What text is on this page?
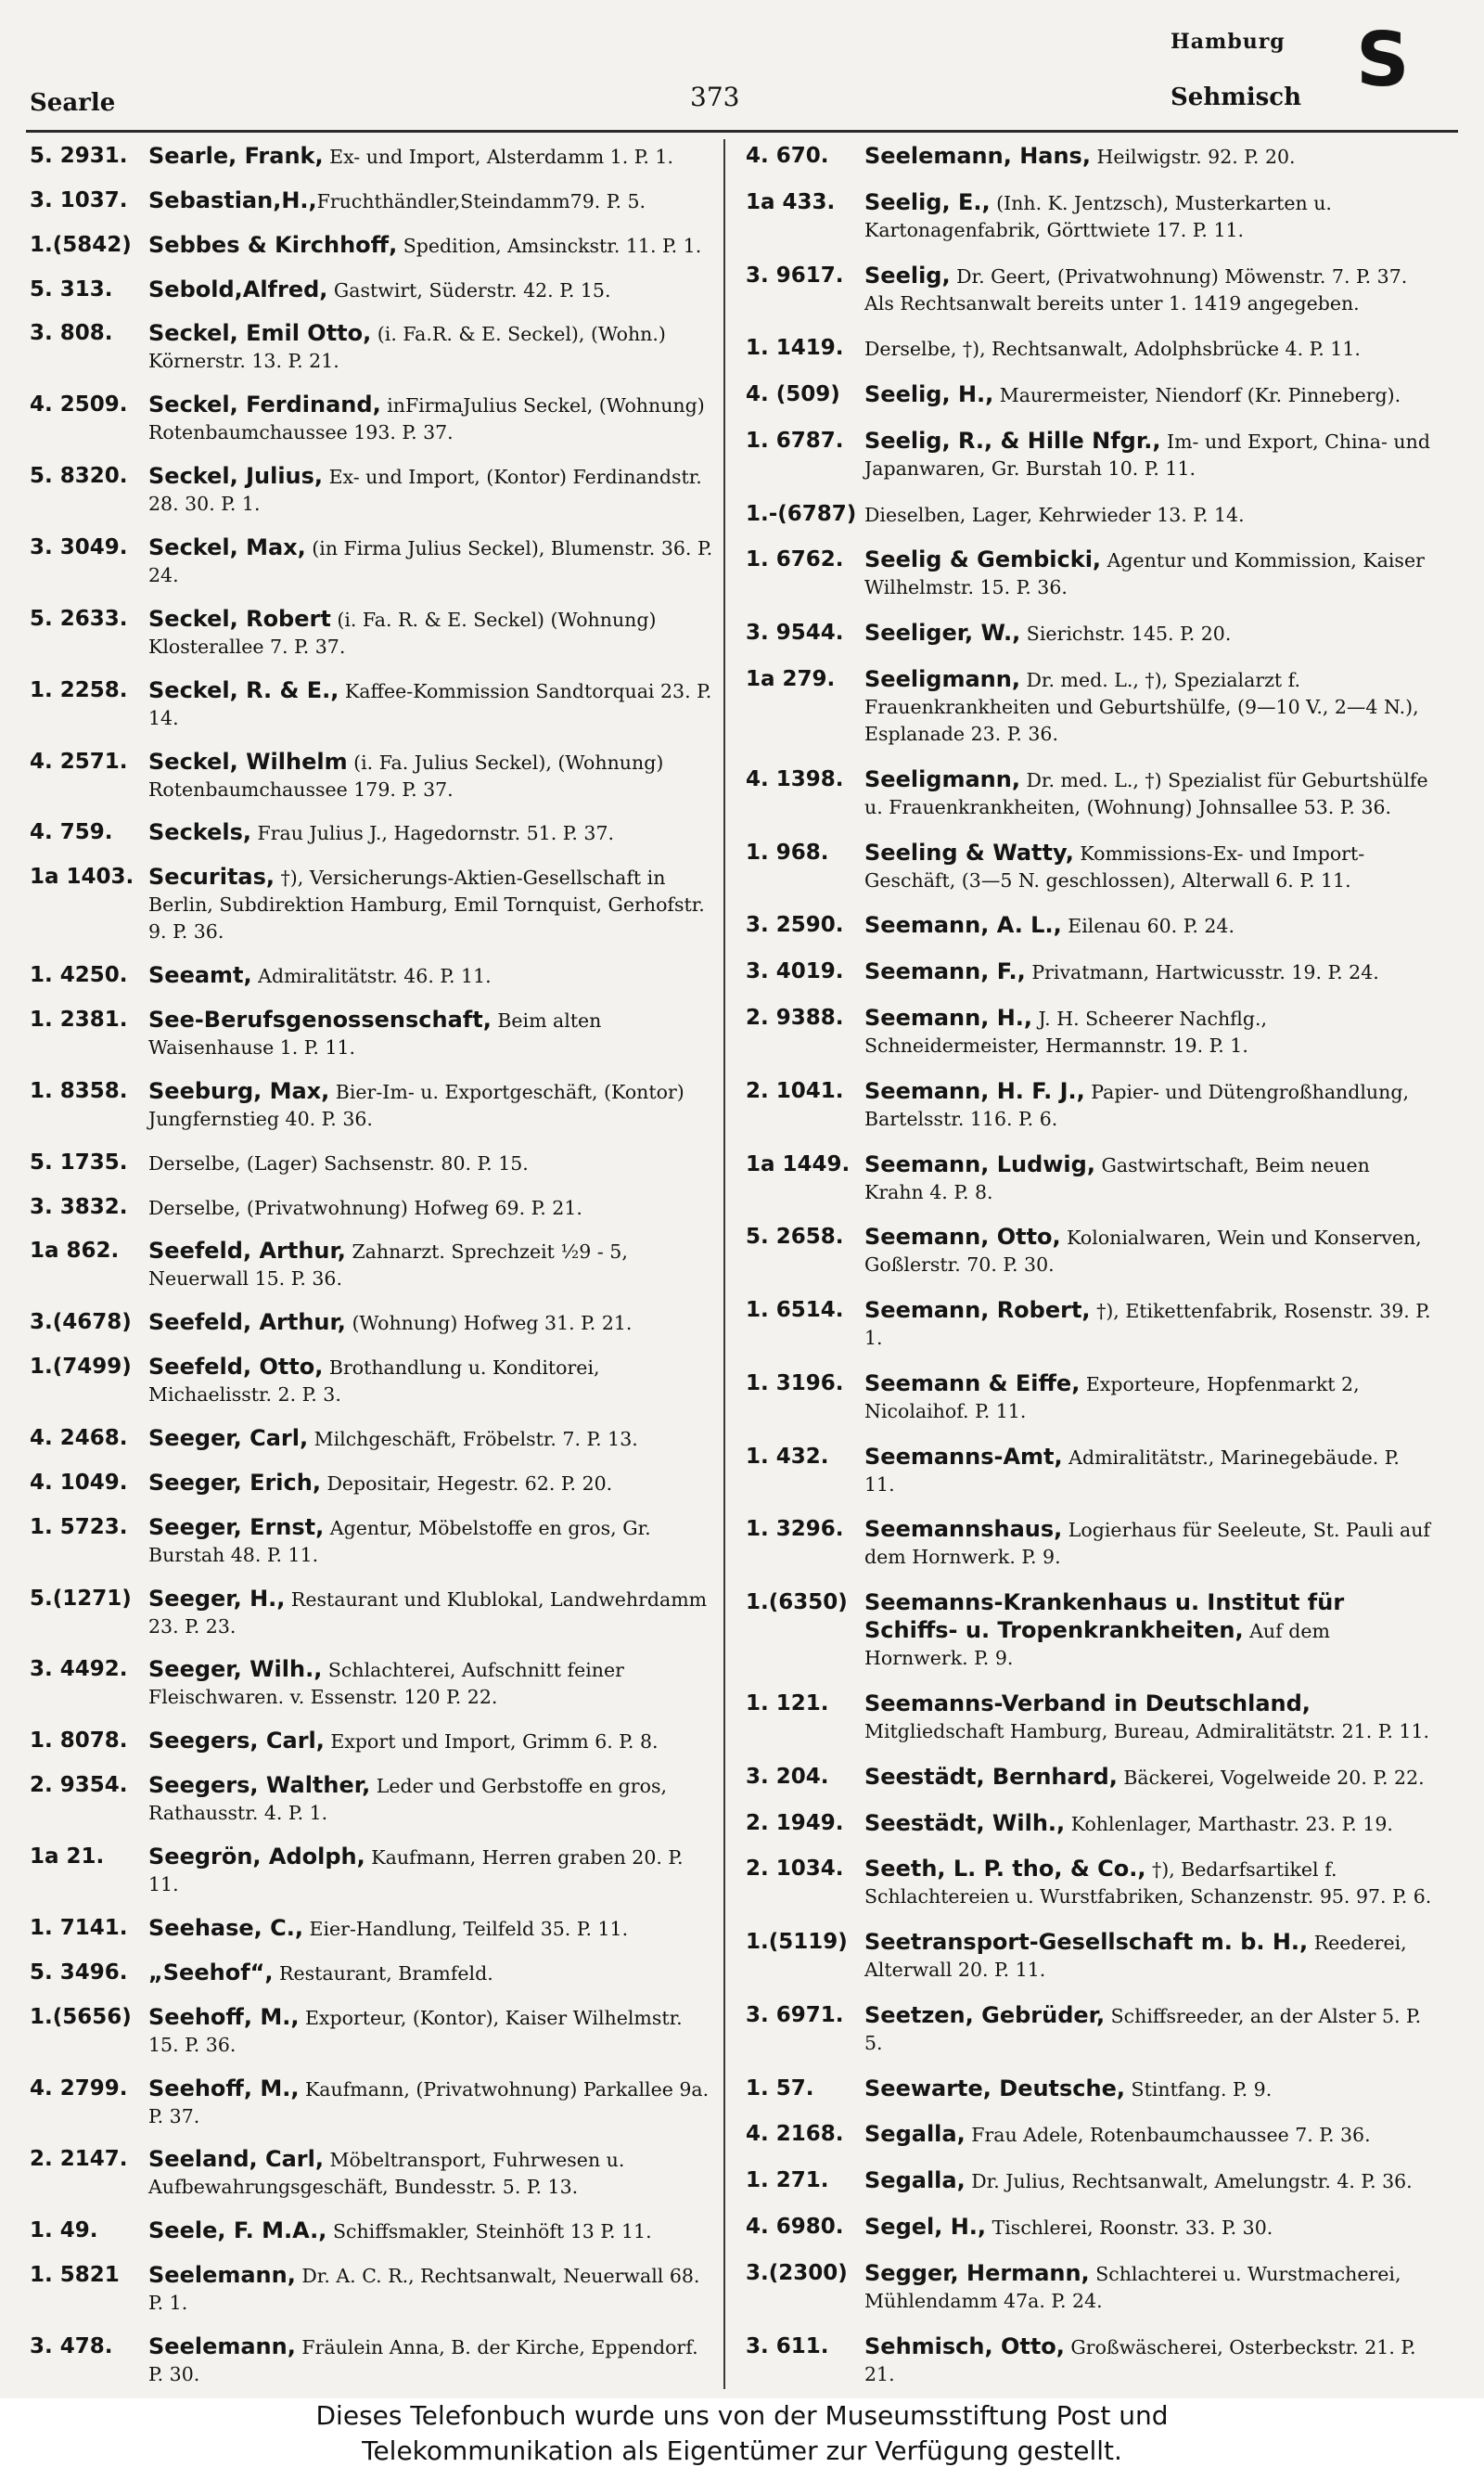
Searle	373
Hamburg
Sehmisch S
5. 2931. Searle, Frank, Ex- und Import, Alsterdamm 1. P. 1.
3. 1037. Sebastian,H.,Fruchthändler,Steindamm79. P. 5.
1.(5842) Sebbes & Kirchhoff, Spedition, Amsinckstr. 11. P. 1.
5. 313.	Sebold,Alfred, Gastwirt, Süderstr. 42. P. 15.
3. 808.	Seckel, Emil Otto, (i. Fa.R. & E. Seckel), (Wohn.) Körnerstr. 13. P. 21.
4. 2509. Seckel, Ferdinand, inFirmaJulius Seckel, (Wohnung) Rotenbaumchaussee 193. P. 37.
5. 8320. Seckel, Julius, Ex- und Import, (Kontor) Ferdinandstr. 28. 30. P. 1.
3. 3049. Seckel, Max, (in Firma Julius Seckel), Blumenstr. 36. P. 24.
5. 2633. Seckel, Robert (i. Fa. R. & E. Seckel) (Wohnung) Klosterallee 7. P. 37.
1. 2258. Seckel, R. & E., Kaffee-Kommission Sandtorquai 23. P. 14.
4. 2571. Seckel, Wilhelm (i. Fa. Julius Seckel), (Wohnung) Rotenbaumchaussee 179. P. 37.
4. 759.	Seckels, Frau Julius J., Hagedornstr. 51. P. 37.
1a 1403. Securitas, †), Versicherungs-Aktien-Gesellschaft in Berlin, Subdirektion Hamburg, Emil Tornquist, Gerhofstr. 9. P. 36.
1. 4250. Seeamt, Admiralitätstr. 46. P. 11.
1. 2381. See-Berufsgenossenschaft, Beim alten Waisenhause 1. P. 11.
1. 8358. Seeburg, Max, Bier-Im- u. Exportgeschäft, (Kontor) Jungfernstieg 40. P. 36.
5. 1735.	Derselbe, (Lager) Sachsenstr. 80. P. 15.
3. 3832.	Derselbe, (Privatwohnung) Hofweg 69. P. 21.
1a 862.	Seefeld, Arthur, Zahnarzt. Sprechzeit ½9 - 5, Neuerwall 15. P. 36.
3.(4678) Seefeld, Arthur, (Wohnung) Hofweg 31. P. 21.
1.(7499) Seefeld, Otto, Brothandlung u. Konditorei, Michaelisstr. 2. P. 3.
4. 2468. Seeger, Carl, Milchgeschäft, Fröbelstr. 7. P. 13.
4. 1049. Seeger, Erich, Depositair, Hegestr. 62. P. 20.
1. 5723. Seeger, Ernst, Agentur, Möbelstoffe en gros, Gr. Burstah 48. P. 11.
5.(1271) Seeger, H., Restaurant und Klublokal, Landwehrdamm 23. P. 23.
3. 4492. Seeger, Wilh., Schlachterei, Aufschnitt feiner Fleischwaren. v. Essenstr. 120 P. 22.
1. 8078. Seegers, Carl, Export und Import, Grimm 6. P. 8.
2. 9354. Seegers, Walther, Leder und Gerbstoffe en gros, Rathausstr. 4. P. 1.
1a 21.	Seegrön, Adolph, Kaufmann, Herren graben 20. P. 11.
1. 7141. Seehase, C., Eier-Handlung, Teilfeld 35. P. 11.
5. 3496. „Seehof“, Restaurant, Bramfeld.
1.(5656) Seehoff, M., Exporteur, (Kontor), Kaiser Wilhelmstr. 15. P. 36.
4. 2799. Seehoff, M., Kaufmann, (Privatwohnung) Parkallee 9a. P. 37.
2. 2147. Seeland, Carl, Möbeltransport, Fuhrwesen u. Aufbewahrungsgeschäft, Bundesstr. 5. P. 13.
1. 49.	Seele, F. M.A., Schiffsmakler, Steinhöft 13 P. 11.
1. 5821	Seelemann, Dr. A. C. R., Rechtsanwalt, Neuerwall 68. P. 1.
3. 478.	Seelemann, Fräulein Anna, B. der Kirche, Eppendorf. P. 30.
4. 670.	Seelemann, Hans, Heilwigstr. 92. P. 20.
1a 433.	Seelig, E., (Inh. K. Jentzsch), Musterkarten u. Kartonagenfabrik, Görttwiete 17. P. 11.
3. 9617. Seelig, Dr. Geert, (Privatwohnung) Möwenstr. 7. P. 37. Als Rechtsanwalt bereits unter 1. 1419 angegeben.
1. 1419.	Derselbe, †), Rechtsanwalt, Adolphsbrücke 4. P. 11.
4. (509)	Seelig, H., Maurermeister, Niendorf (Kr. Pinneberg).
1. 6787. Seelig, R., & Hille Nfgr., Im- und Export, China- und Japanwaren, Gr. Burstah 10. P. 11.
1.-(6787) Dieselben, Lager, Kehrwieder 13. P. 14.
1. 6762. Seelig & Gembicki, Agentur und Kommission, Kaiser Wilhelmstr. 15. P. 36.
3. 9544. Seeliger, W., Sierichstr. 145. P. 20.
1a 279.	Seeligmann, Dr. med. L., †), Spezialarzt f. Frauenkrankheiten und Geburtshülfe, (9—10 V., 2—4 N.), Esplanade 23. P. 36.
4. 1398. Seeligmann, Dr. med. L., †) Spezialist für Geburtshülfe u. Frauenkrankheiten, (Wohnung) Johnsallee 53. P. 36.
1. 968.	Seeling & Watty, Kommissions-Ex- und Import-Geschäft, (3—5 N. geschlossen), Alterwall 6. P. 11.
3. 2590. Seemann, A. L., Eilenau 60. P. 24.
3. 4019. Seemann, F., Privatmann, Hartwicusstr. 19. P. 24.
2. 9388. Seemann, H., J. H. Scheerer Nachflg., Schneidermeister, Hermannstr. 19. P. 1.
2. 1041. Seemann, H. F. J., Papier- und Dütengroßhandlung, Bartelsstr. 116. P. 6.
1a 1449. Seemann, Ludwig, Gastwirtschaft, Beim neuen Krahn 4. P. 8.
5. 2658. Seemann, Otto, Kolonialwaren, Wein und Konserven, Goßlerstr. 70. P. 30.
1. 6514. Seemann, Robert, †), Etikettenfabrik, Rosenstr. 39. P. 1.
1. 3196. Seemann & Eiffe, Exporteure, Hopfenmarkt 2, Nicolaihof. P. 11.
1. 432.	Seemanns-Amt, Admiralitätstr., Marinegebäude. P. 11.
1. 3296. Seemannshaus, Logierhaus für Seeleute, St. Pauli auf dem Hornwerk. P. 9.
1.(6350) Seemanns-Krankenhaus u. Institut für Schiffs- u. Tropenkrankheiten, Auf dem Hornwerk. P. 9.
1. 121.	Seemanns-Verband in Deutschland, Mitgliedschaft Hamburg, Bureau, Admiralitätstr. 21. P. 11.
3. 204.	Seestädt, Bernhard, Bäckerei, Vogelweide 20. P. 22.
2. 1949. Seestädt, Wilh., Kohlenlager, Marthastr. 23. P. 19.
2. 1034. Seeth, L. P. tho, & Co., †), Bedarfsartikel f. Schlachtereien u. Wurstfabriken, Schanzenstr. 95. 97. P. 6.
1.(5119) Seetransport-Gesellschaft m. b. H., Reederei, Alterwall 20. P. 11.
3. 6971. Seetzen, Gebrüder, Schiffsreeder, an der Alster 5. P. 5.
1. 57.	Seewarte, Deutsche, Stintfang. P. 9.
4. 2168. Segalla, Frau Adele, Rotenbaumchaussee 7. P. 36.
1. 271.	Segalla, Dr. Julius, Rechtsanwalt, Amelungstr. 4. P. 36.
4. 6980. Segel, H., Tischlerei, Roonstr. 33. P. 30.
3.(2300) Segger, Hermann, Schlachterei u. Wurstmacherei, Mühlendamm 47a. P. 24.
3. 611.	Sehmisch, Otto, Großwäscherei, Osterbeckstr. 21. P. 21.
Dieses Telefonbuch wurde uns von der Museumsstiftung Post und
Telekommunikation als Eigentümer zur Verfügung gestellt.
